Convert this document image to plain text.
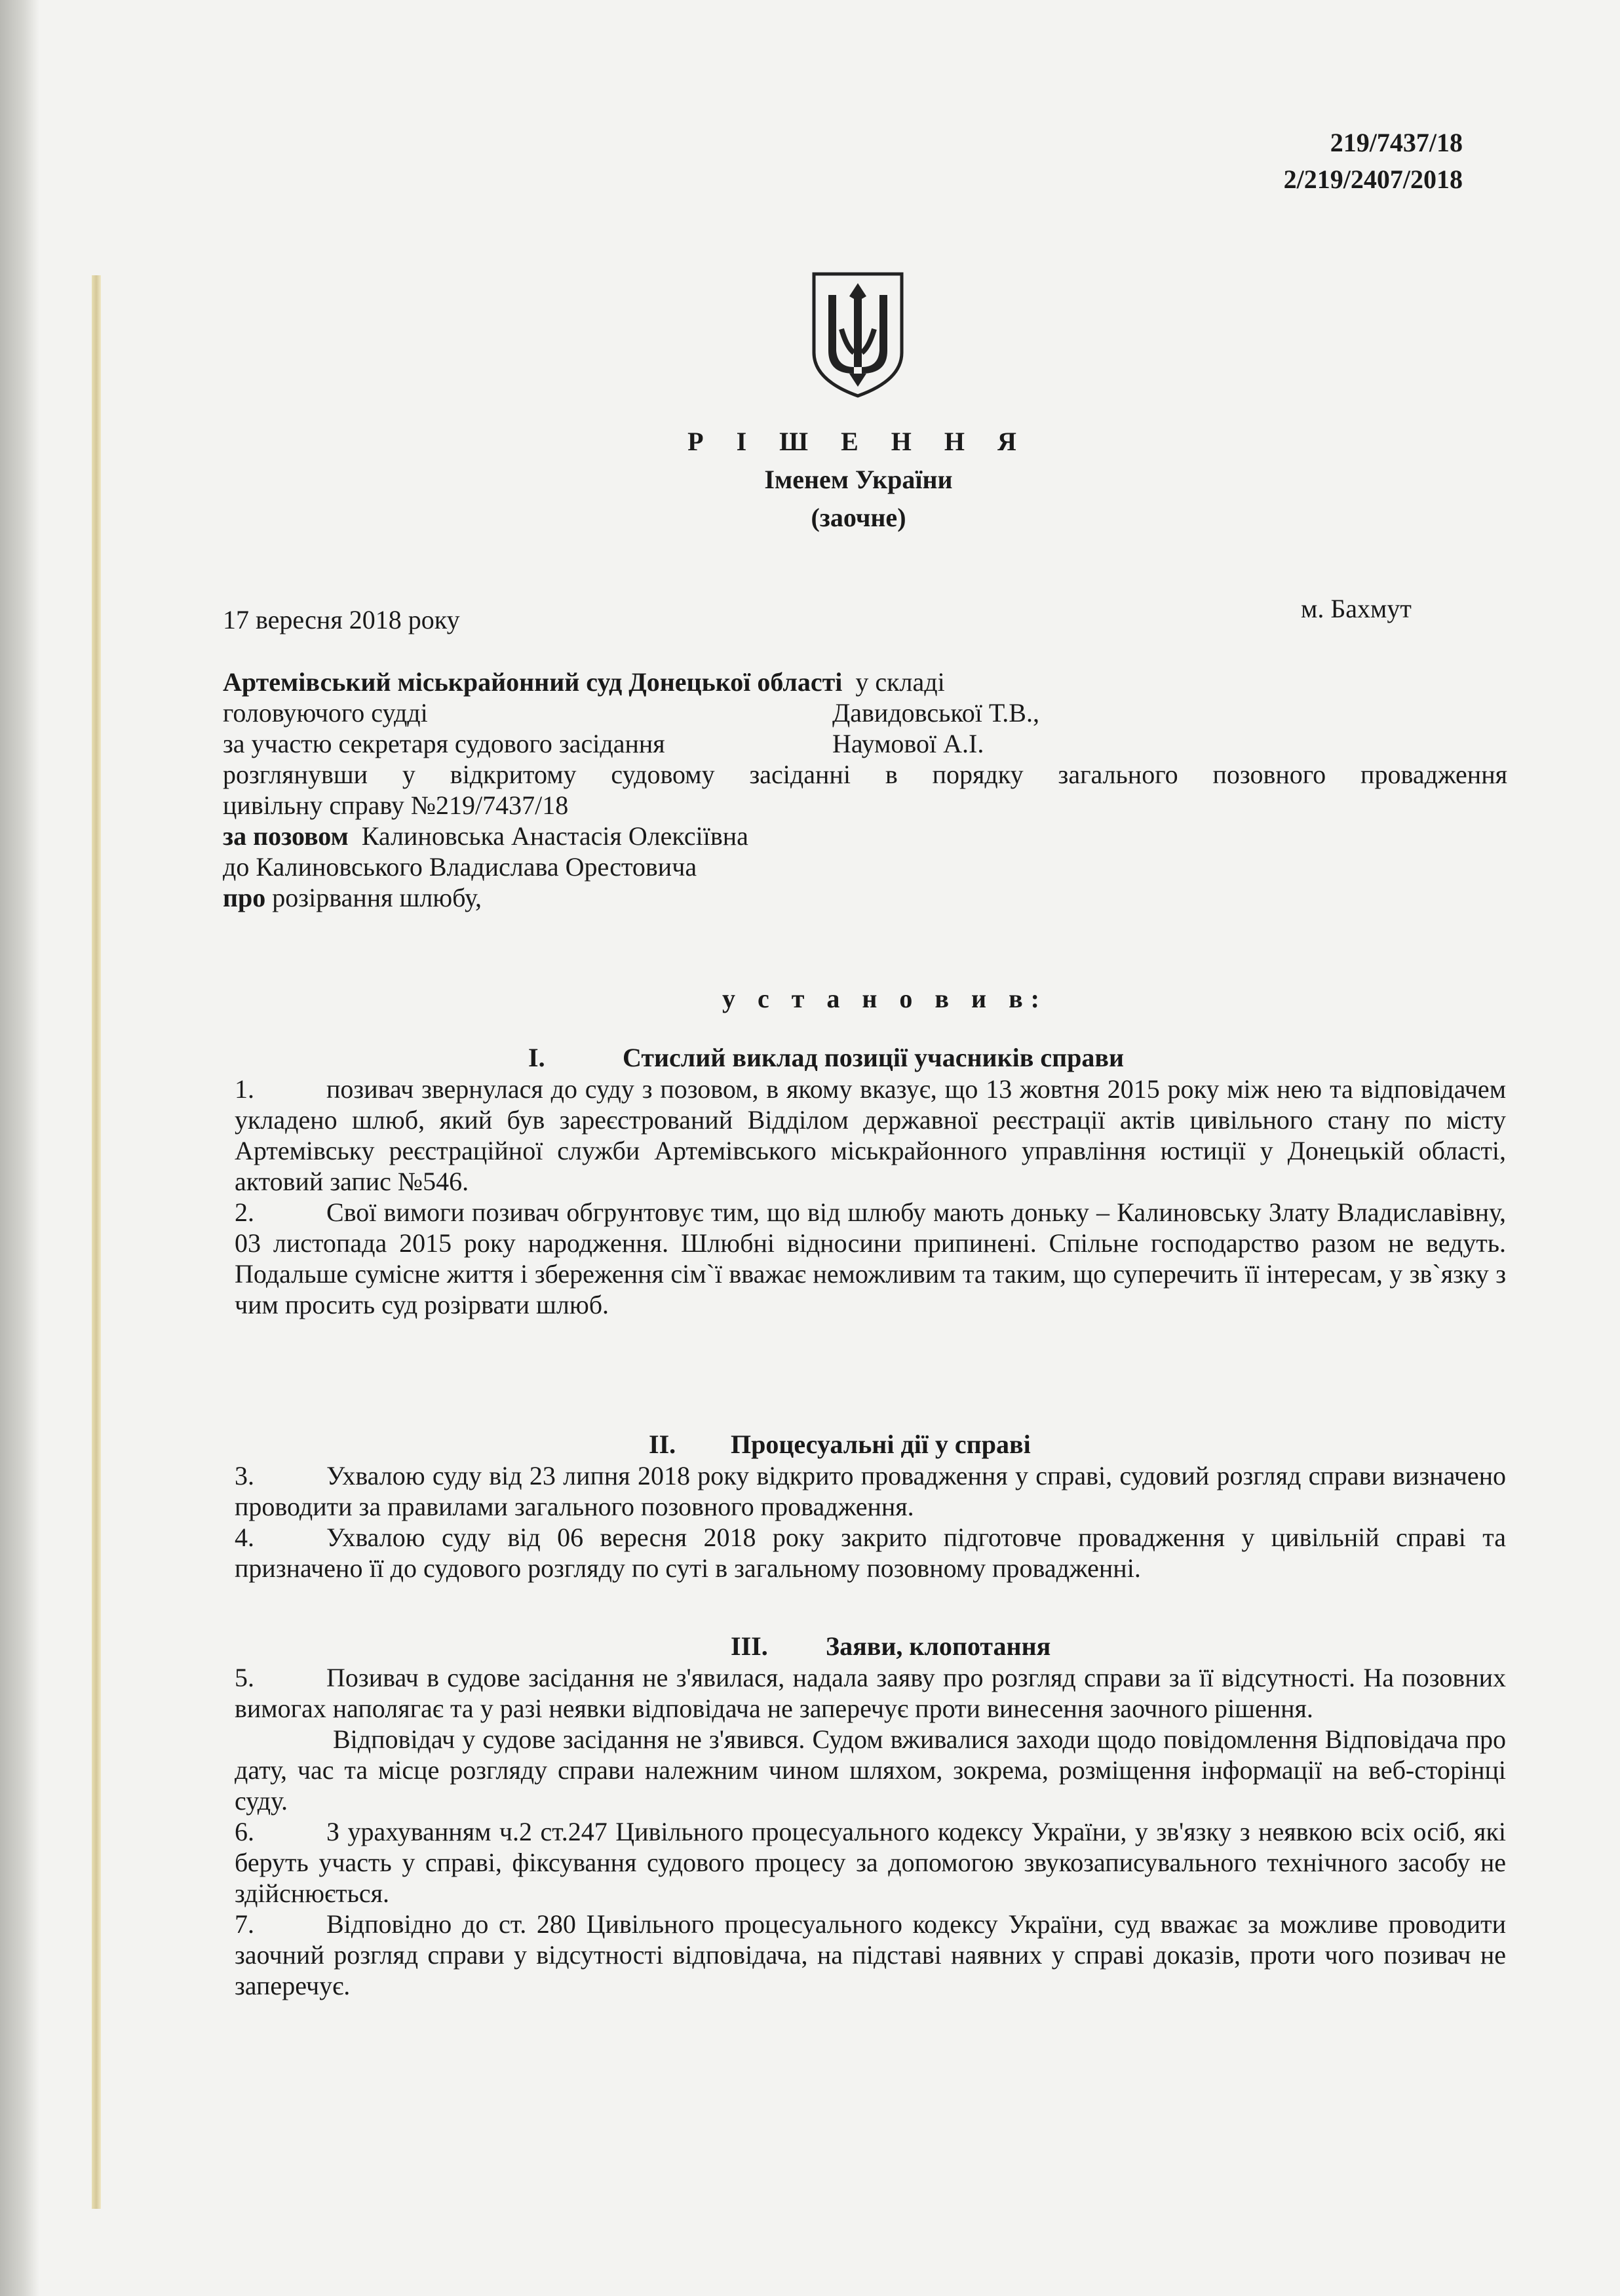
219/7437/18
2/219/2407/2018
Р І Ш Е Н Н Я
Іменем України
(заочне)
17 вересня 2018 року	м. Бахмут
Артемівський міськрайонний суд Донецької області у складі
головуючого судді	Давидовської Т.В.,
за участю секретаря судового засідання	Наумової А.І.
розглянувши у відкритому судовому засіданні в порядку загального позовного провадження
цивільну справу №219/7437/18
за позовом Калиновська Анастасія Олексіївна
до Калиновського Владислава Орестовича
про розірвання шлюбу,
у с т а н о в и в:
I.	Стислий виклад позиції учасників справи
1.	позивач звернулася до суду з позовом, в якому вказує, що 13 жовтня 2015 року між нею та відповідачем укладено шлюб, який був зареєстрований Відділом державної реєстрації актів цивільного стану по місту Артемівську реєстраційної служби Артемівського міськрайонного управління юстиції у Донецькій області, актовий запис №546.
2.	Свої вимоги позивач обгрунтовує тим, що від шлюбу мають доньку – Калиновську Злату Владиславівну, 03 листопада 2015 року народження. Шлюбні відносини припинені. Спільне господарство разом не ведуть. Подальше сумісне життя і збереження сім`ї вважає неможливим та таким, що суперечить її інтересам, у зв`язку з чим просить суд розірвати шлюб.
II. Процесуальні дії у справі
3.	Ухвалою суду від 23 липня 2018 року відкрито провадження у справі, судовий розгляд справи визначено проводити за правилами загального позовного провадження.
4.	Ухвалою суду від 06 вересня 2018 року закрито підготовче провадження у цивільній справі та призначено її до судового розгляду по суті в загальному позовному провадженні.
III. Заяви, клопотання
5.	Позивач в судове засідання не з'явилася, надала заяву про розгляд справи за її відсутності. На позовних вимогах наполягає та у разі неявки відповідача не заперечує проти винесення заочного рішення.
Відповідач у судове засідання не з'явився. Судом вживалися заходи щодо повідомлення Відповідача про дату, час та місце розгляду справи належним чином шляхом, зокрема, розміщення інформації на веб-сторінці суду.
6.	З урахуванням ч.2 ст.247 Цивільного процесуального кодексу України, у зв'язку з неявкою всіх осіб, які беруть участь у справі, фіксування судового процесу за допомогою звукозаписувального технічного засобу не здійснюється.
7.	Відповідно до ст. 280 Цивільного процесуального кодексу України, суд вважає за можливе проводити заочний розгляд справи у відсутності відповідача, на підставі наявних у справі доказів, проти чого позивач не заперечує.
